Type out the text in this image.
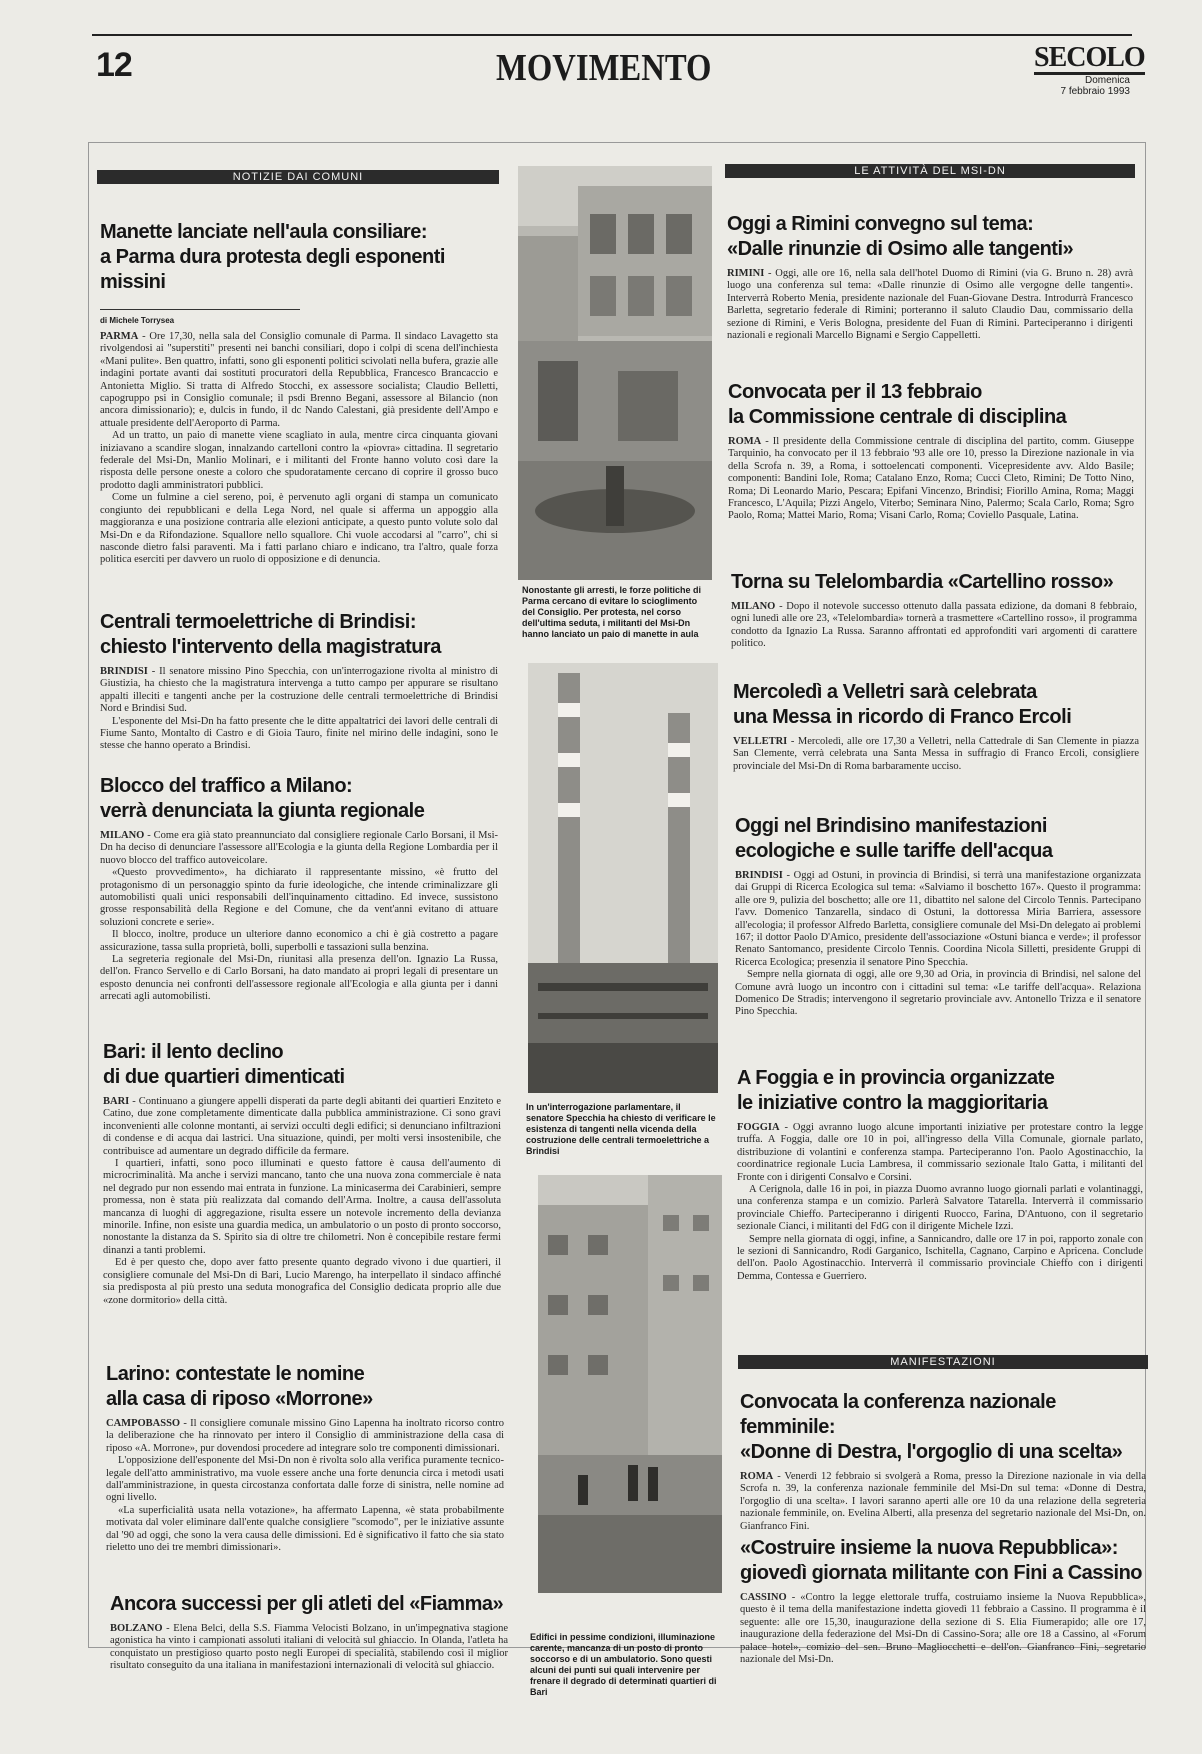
12	MOVIMENTO	SECOLO
Domenica
7 febbraio 1993
NOTIZIE DAI COMUNI	LE ATTIVITÀ DEL MSI-DN
MANIFESTAZIONI
Manette lanciate nell'aula consiliare:
a Parma dura protesta degli esponenti missini
di Michele Torrysea

PARMA - Ore 17,30, nella sala del Consiglio comunale di Parma. Il sindaco Lavagetto sta rivolgendosi ai "superstiti" presenti nei banchi consiliari, dopo i colpi di scena dell'inchiesta «Mani pulite». Ben quattro, infatti, sono gli esponenti politici scivolati nella bufera, grazie alle indagini portate avanti dai sostituti procuratori della Repubblica, Francesco Brancaccio e Antonietta Miglio. Si tratta di Alfredo Stocchi, ex assessore socialista; Claudio Belletti, capogruppo psi in Consiglio comunale; il psdi Brenno Begani, assessore al Bilancio (non ancora dimissionario); e, dulcis in fundo, il dc Nando Calestani, già presidente dell'Ampo e attuale presidente dell'Aeroporto di Parma.

Ad un tratto, un paio di manette viene scagliato in aula, mentre circa cinquanta giovani iniziavano a scandire slogan, innalzando cartelloni contro la «piovra» cittadina. Il segretario federale del Msi-Dn, Manlio Molinari, e i militanti del Fronte hanno voluto così dare la risposta delle persone oneste a coloro che spudoratamente cercano di coprire il grosso buco prodotto dagli amministratori pubblici.

Come un fulmine a ciel sereno, poi, è pervenuto agli organi di stampa un comunicato congiunto dei repubblicani e della Lega Nord, nel quale si afferma un appoggio alla maggioranza e una posizione contraria alle elezioni anticipate, a questo punto volute solo dal Msi-Dn e da Rifondazione. Squallore nello squallore. Chi vuole accodarsi al "carro", chi si nasconde dietro falsi paraventi. Ma i fatti parlano chiaro e indicano, tra l'altro, quale forza politica eserciti per davvero un ruolo di opposizione e di denuncia.

Centrali termoelettriche di Brindisi:
chiesto l'intervento della magistratura

BRINDISI - Il senatore missino Pino Specchia, con un'interrogazione rivolta al ministro di Giustizia, ha chiesto che la magistratura intervenga a tutto campo per appurare se risultano appalti illeciti e tangenti anche per la costruzione delle centrali termoelettriche di Brindisi Nord e Brindisi Sud.

L'esponente del Msi-Dn ha fatto presente che le ditte appaltatrici dei lavori delle centrali di Fiume Santo, Montalto di Castro e di Gioia Tauro, finite nel mirino delle indagini, sono le stesse che hanno operato a Brindisi.

Blocco del traffico a Milano:
verrà denunciata la giunta regionale

MILANO - Come era già stato preannunciato dal consigliere regionale Carlo Borsani, il Msi-Dn ha deciso di denunciare l'assessore all'Ecologia e la giunta della Regione Lombardia per il nuovo blocco del traffico autoveicolare.

«Questo provvedimento», ha dichiarato il rappresentante missino, «è frutto del protagonismo di un personaggio spinto da furie ideologiche, che intende criminalizzare gli automobilisti quali unici responsabili dell'inquinamento cittadino. Ed invece, sussistono grosse responsabilità della Regione e del Comune, che da vent'anni evitano di attuare soluzioni concrete e serie».

Il blocco, inoltre, produce un ulteriore danno economico a chi è già costretto a pagare assicurazione, tassa sulla proprietà, bolli, superbolli e tassazioni sulla benzina.

La segreteria regionale del Msi-Dn, riunitasi alla presenza dell'on. Ignazio La Russa, dell'on. Franco Servello e di Carlo Borsani, ha dato mandato ai propri legali di presentare un esposto denuncia nei confronti dell'assessore regionale all'Ecologia e alla giunta per i danni arrecati agli automobilisti.

Bari: il lento declino
di due quartieri dimenticati

BARI - Continuano a giungere appelli disperati da parte degli abitanti dei quartieri Enziteto e Catino, due zone completamente dimenticate dalla pubblica amministrazione. Ci sono gravi inconvenienti alle colonne montanti, ai servizi occulti degli edifici; si denunciano infiltrazioni di condense e di acqua dai lastrici. Una situazione, quindi, per molti versi insostenibile, che contribuisce ad aumentare un degrado difficile da fermare.

I quartieri, infatti, sono poco illuminati e questo fattore è causa dell'aumento di microcriminalità. Ma anche i servizi mancano, tanto che una nuova zona commerciale è nata nel degrado pur non essendo mai entrata in funzione. La minicaserma dei Carabinieri, sempre promessa, non è stata più realizzata dal comando dell'Arma. Inoltre, a causa dell'assoluta mancanza di luoghi di aggregazione, risulta essere un notevole incremento della devianza minorile. Infine, non esiste una guardia medica, un ambulatorio o un posto di pronto soccorso, nonostante la distanza da S. Spirito sia di oltre tre chilometri. Non è concepibile restare fermi dinanzi a tanti problemi.

Ed è per questo che, dopo aver fatto presente quanto degrado vivono i due quartieri, il consigliere comunale del Msi-Dn di Bari, Lucio Marengo, ha interpellato il sindaco affinché sia predisposta al più presto una seduta monografica del Consiglio dedicata proprio alle due «zone dormitorio» della città.

Larino: contestate le nomine
alla casa di riposo «Morrone»

CAMPOBASSO - Il consigliere comunale missino Gino Lapenna ha inoltrato ricorso contro la deliberazione che ha rinnovato per intero il Consiglio di amministrazione della casa di riposo «A. Morrone», pur dovendosi procedere ad integrare solo tre componenti dimissionari.

L'opposizione dell'esponente del Msi-Dn non è rivolta solo alla verifica puramente tecnico-legale dell'atto amministrativo, ma vuole essere anche una forte denuncia circa i metodi usati dall'amministrazione, in questa circostanza confortata dalle forze di sinistra, nelle nomine ad ogni livello.

«La superficialità usata nella votazione», ha affermato Lapenna, «è stata probabilmente motivata dal voler eliminare dall'ente qualche consigliere "scomodo", per le iniziative assunte dal '90 ad oggi, che sono la vera causa delle dimissioni. Ed è significativo il fatto che sia stato rieletto uno dei tre membri dimissionari».

Ancora successi per gli atleti del «Fiamma»

BOLZANO - Elena Belci, della S.S. Fiamma Velocisti Bolzano, in un'impegnativa stagione agonistica ha vinto i campionati assoluti italiani di velocità sul ghiaccio. In Olanda, l'atleta ha conquistato un prestigioso quarto posto negli Europei di specialità, stabilendo così il miglior risultato conseguito da una italiana in manifestazioni internazionali di velocità sul ghiaccio.

Nonostante gli arresti, le forze politiche di Parma cercano di evitare lo scioglimento del Consiglio. Per protesta, nel corso dell'ultima seduta, i militanti del Msi-Dn hanno lanciato un paio di manette in aula
In un'interrogazione parlamentare, il senatore Specchia ha chiesto di verificare le esistenza di tangenti nella vicenda della costruzione delle centrali termoelettriche a Brindisi
Edifici in pessime condizioni, illuminazione carente, mancanza di un posto di pronto soccorso e di un ambulatorio. Sono questi alcuni dei punti sui quali intervenire per frenare il degrado di determinati quartieri di Bari
Oggi a Rimini convegno sul tema:
«Dalle rinunzie di Osimo alle tangenti»

RIMINI - Oggi, alle ore 16, nella sala dell'hotel Duomo di Rimini (via G. Bruno n. 28) avrà luogo una conferenza sul tema: «Dalle rinunzie di Osimo alle vergogne delle tangenti». Interverrà Roberto Menia, presidente nazionale del Fuan-Giovane Destra. Introdurrà Francesco Barletta, segretario federale di Rimini; porteranno il saluto Claudio Dau, commissario della sezione di Rimini, e Veris Bologna, presidente del Fuan di Rimini. Parteciperanno i dirigenti nazionali e regionali Marcello Bignami e Sergio Cappelletti.

Convocata per il 13 febbraio
la Commissione centrale di disciplina

ROMA - Il presidente della Commissione centrale di disciplina del partito, comm. Giuseppe Tarquinio, ha convocato per il 13 febbraio '93 alle ore 10, presso la Direzione nazionale in via della Scrofa n. 39, a Roma, i sottoelencati componenti. Vicepresidente avv. Aldo Basile; componenti: Bandini Iole, Roma; Catalano Enzo, Roma; Cucci Cleto, Rimini; De Totto Nino, Roma; Di Leonardo Mario, Pescara; Epifani Vincenzo, Brindisi; Fiorillo Amina, Roma; Maggi Francesco, L'Aquila; Pizzi Angelo, Viterbo; Seminara Nino, Palermo; Scala Carlo, Roma; Sgro Paolo, Roma; Mattei Mario, Roma; Visani Carlo, Roma; Coviello Pasquale, Latina.

Torna su Telelombardia «Cartellino rosso»

MILANO - Dopo il notevole successo ottenuto dalla passata edizione, da domani 8 febbraio, ogni lunedì alle ore 23, «Telelombardia» tornerà a trasmettere «Cartellino rosso», il programma condotto da Ignazio La Russa. Saranno affrontati ed approfonditi vari argomenti di carattere politico.

Mercoledì a Velletri sarà celebrata
una Messa in ricordo di Franco Ercoli

VELLETRI - Mercoledì, alle ore 17,30 a Velletri, nella Cattedrale di San Clemente in piazza San Clemente, verrà celebrata una Santa Messa in suffragio di Franco Ercoli, consigliere provinciale del Msi-Dn di Roma barbaramente ucciso.

Oggi nel Brindisino manifestazioni
ecologiche e sulle tariffe dell'acqua

BRINDISI - Oggi ad Ostuni, in provincia di Brindisi, si terrà una manifestazione organizzata dai Gruppi di Ricerca Ecologica sul tema: «Salviamo il boschetto 167». Questo il programma: alle ore 9, pulizia del boschetto; alle ore 11, dibattito nel salone del Circolo Tennis. Partecipano l'avv. Domenico Tanzarella, sindaco di Ostuni, la dottoressa Miria Barriera, assessore all'ecologia; il professor Alfredo Barletta, consigliere comunale del Msi-Dn delegato ai problemi 167; il dottor Paolo D'Amico, presidente dell'associazione «Ostuni bianca e verde»; il professor Renato Santomanco, presidente Circolo Tennis. Coordina Nicola Silletti, presidente Gruppi di Ricerca Ecologica; presenzia il senatore Pino Specchia.

Sempre nella giornata di oggi, alle ore 9,30 ad Oria, in provincia di Brindisi, nel salone del Comune avrà luogo un incontro con i cittadini sul tema: «Le tariffe dell'acqua». Relaziona Domenico De Stradis; intervengono il segretario provinciale avv. Antonello Trizza e il senatore Pino Specchia.

A Foggia e in provincia organizzate
le iniziative contro la maggioritaria

FOGGIA - Oggi avranno luogo alcune importanti iniziative per protestare contro la legge truffa. A Foggia, dalle ore 10 in poi, all'ingresso della Villa Comunale, giornale parlato, distribuzione di volantini e conferenza stampa. Parteciperanno l'on. Paolo Agostinacchio, la coordinatrice regionale Lucia Lambresa, il commissario sezionale Italo Gatta, i militanti del Fronte con i dirigenti Consalvo e Corsini.

A Cerignola, dalle 16 in poi, in piazza Duomo avranno luogo giornali parlati e volantinaggi, una conferenza stampa e un comizio. Parlerà Salvatore Tatarella. Interverrà il commissario provinciale Chieffo. Parteciperanno i dirigenti Ruocco, Farina, D'Antuono, con il segretario sezionale Cianci, i militanti del FdG con il dirigente Michele Izzi.

Sempre nella giornata di oggi, infine, a Sannicandro, dalle ore 17 in poi, rapporto zonale con le sezioni di Sannicandro, Rodi Garganico, Ischitella, Cagnano, Carpino e Apricena. Conclude dell'on. Paolo Agostinacchio. Interverrà il commissario provinciale Chieffo con i dirigenti Demma, Contessa e Guerriero.

Convocata la conferenza nazionale femminile:
«Donne di Destra, l'orgoglio di una scelta»

ROMA - Venerdì 12 febbraio si svolgerà a Roma, presso la Direzione nazionale in via della Scrofa n. 39, la conferenza nazionale femminile del Msi-Dn sul tema: «Donne di Destra, l'orgoglio di una scelta». I lavori saranno aperti alle ore 10 da una relazione della segreteria nazionale femminile, on. Evelina Alberti, alla presenza del segretario nazionale del Msi-Dn, on. Gianfranco Fini.

«Costruire insieme la nuova Repubblica»:
giovedì giornata militante con Fini a Cassino

CASSINO - «Contro la legge elettorale truffa, costruiamo insieme la Nuova Repubblica», questo è il tema della manifestazione indetta giovedì 11 febbraio a Cassino. Il programma è il seguente: alle ore 15,30, inaugurazione della sezione di S. Elia Fiumerapido; alle ore 17, inaugurazione della federazione del Msi-Dn di Cassino-Sora; alle ore 18 a Cassino, al «Forum palace hotel», comizio del sen. Bruno Magliocchetti e dell'on. Gianfranco Fini, segretario nazionale del Msi-Dn.
